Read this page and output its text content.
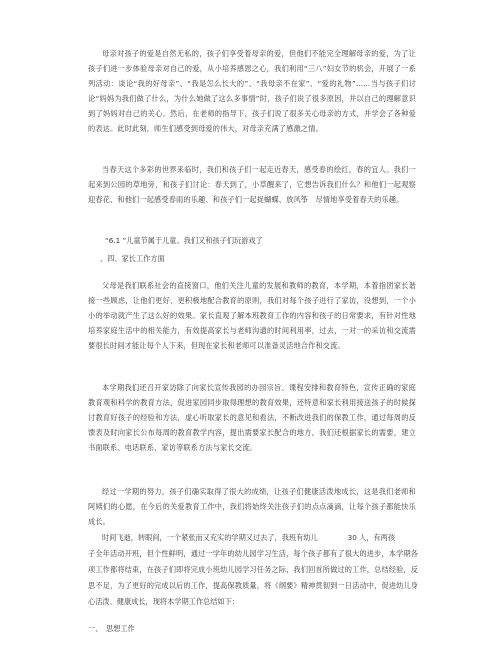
母亲对孩子的爱是自然无私的，孩子们享受着母亲的爱，但他们不能完全理解母亲的爱，为了让孩子们进一步体验母亲对自己的爱，从小培养感恩之心，我们利用“三八”妇女节的机会，开展了一系列活动：谈论“我的好母亲”、“我是怎么长大的”、“我母亲不在家”、“爱的礼物”……当与孩子们讨论“妈妈为我们做了什么，为什么她做了这么多事情”时，孩子们说了很多原因，并以自己的理解意识到了妈妈对自己的关心。然后，在老师的指导下，孩子们说了很多关心母亲的方式，并学会了各种爱的表达。此时此刻，师生们感受到母爱的伟大，对母亲充满了感激之情。

当春天这个多彩的世界来临时，我们和孩子们一起走近春天，感受春的绘红，春的宜人。我们一起来到公园的草地旁，和孩子们讨论：春天到了，小草醒来了，它想告诉我们什么？和他们一起观察迎春花、和他们一起感受春雨的乐趣、和孩子们一起捉蝴蝶、放风筝　尽情地享受着春天的乐趣。

“6.1 ”儿童节属于儿童。我们又和孩子们玩游戏了

、四、家长工作方面

父母是我们联系社会的直接窗口，他们关注儿童的发展和教师的教育，本学期，本着指团家长谐接一些顾虑，让他们更好、更积极地配合教育的原则，我们对每个孩子进行了家访，没想到，一个小小的举动就产生了这么好的效果。家长直观了解本班教育工作的内容和孩子的日常要求，有针对性地培养家庭生活中的相关能力，有效提高家长与老师沟通的时间利用率，过去，一对一的采访和交流需要很长时间才能让每个人下来，但现在家长和老师可以准备灵活地合作和交流。

本学期我们还召开家访除了向家长宣传我园的办园宗旨、课程安排和教育特色，宣传正确的家庭教育观和科学的教育方法，促进家园同步取得理想的教育效果，还特意和家长利用接送孩子的时候探讨教育好孩子的经验和方法，虚心听取家长的意见和看法，不断改进我们的保教工作，通过每周的反馈表及时向家长公布每周的教育教学内容，提出需要家长配合的地方，我们还根据家长的需要，建立书面联系、电话联系、家访等联系方法与家长交流。

经过一学期的努力，孩子们确实取得了很大的成绩，让孩子们健康活泼地成长，这是我们老师和阿姨们的心愿，在今后的关爱教育工作中，我们将始终关注孩子们的点点滴滴，让每个孩子都能快乐成长。

时间飞逝，转眼间，一个紧张而又充实的学期又过去了，我班有幼儿	30 人，有两孩
子全年活动开班，但个性鲜明，通过一学年的幼儿园学习生活，每个孩子都有了很大的进步，本学期各项工作都将结束，在孩子们即将完成小班幼儿园学习任务之际，我们回首所做过的工作，总结经验，反思不足，为了更好的完成以后的工作，提高保教质量，将《纲要》精神贯彻到一日活动中，促进幼儿身心活泼、健康成长，现将本学期工作总结如下：

一、　思想工作
